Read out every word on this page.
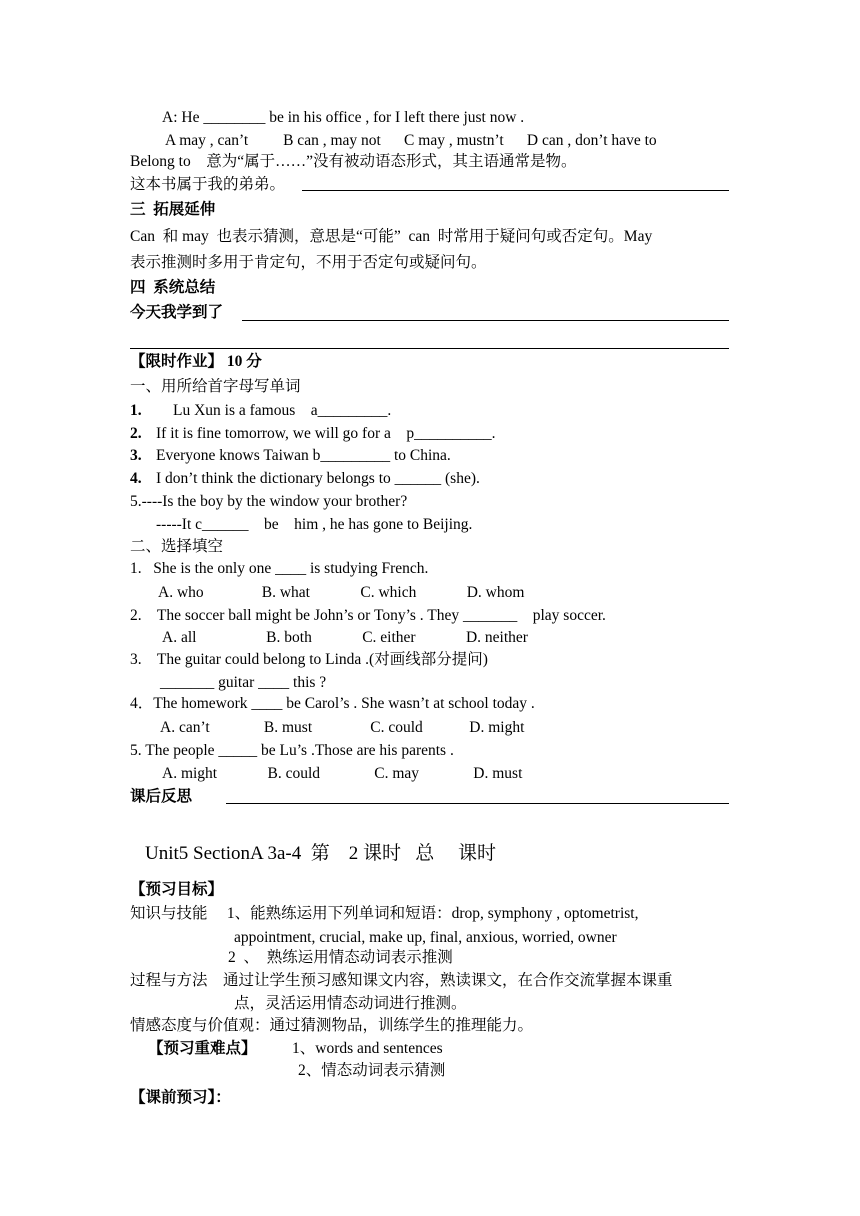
A: He ________ be in his office , for I left there just now .
A may , can’t         B can , may not      C may , mustn’t      D can , don’t have to
Belong to　意为“属于……”没有被动语态形式，其主语通常是物。
这本书属于我的弟弟。
三  拓展延伸
Can  和 may  也表示猜测，意思是“可能”  can  时常用于疑问句或否定句。May
表示推测时多用于肯定句，不用于否定句或疑问句。
四  系统总结
今天我学到了
【限时作业】 10 分
一、用所给首字母写单词
1. Lu Xun is a famous    a_________.
2. If it is fine tomorrow, we will go for a    p__________.
3. Everyone knows Taiwan b_________ to China.
4. I don’t think the dictionary belongs to ______ (she).
5.----Is the boy by the window your brother?
-----It c______    be    him , he has gone to Beijing.
二、选择填空
1.   She is the only one ____ is studying French.
A. who               B. what             C. which             D. whom
2.    The soccer ball might be John’s or Tony’s . They _______    play soccer.
A. all                  B. both             C. either             D. neither
3.    The guitar could belong to Linda .(对画线部分提问)
_______ guitar ____ this ?
4．The homework ____ be Carol’s . She wasn’t at school today .
A. can’t              B. must               C. could            D. might
5. The people _____ be Lu’s .Those are his parents .
A. might             B. could              C. may              D. must
课后反思
Unit5 SectionA 3a-4  第    2 课时   总     课时
【预习目标】
知识与技能     1、能熟练运用下列单词和短语：drop, symphony , optometrist,
appointment, crucial, make up, final, anxious, worried, owner
2  、  熟练运用情态动词表示推测
过程与方法    通过让学生预习感知课文内容，熟读课文，在合作交流掌握本课重
点，灵活运用情态动词进行推测。
情感态度与价值观：通过猜测物品，训练学生的推理能力。
【预习重难点】 1、words and sentences
2、情态动词表示猜测
【课前预习】：
